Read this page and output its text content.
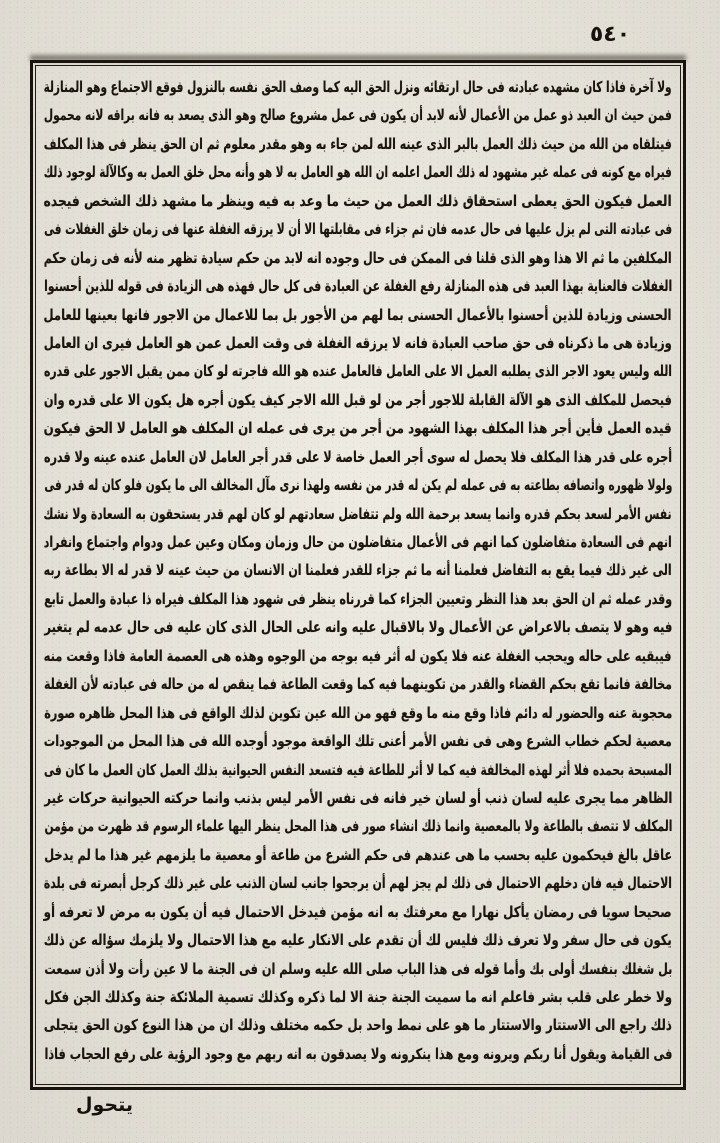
٥٤٠
ولا آخرة فاذا كان مشهده عبادته فى حال ارتقائه ونزل الحق اليه كما وصف الحق نفسه بالنزول فوقع الاجتماع وهو المنازلة
فمن حيث ان العبد ذو عمل من الأعمال لأنه لابد أن يكون فى عمل مشروع صالح وهو الذى يصعد به فانه براقه لانه محمول
فيتلقاه من الله من حيث ذلك العمل بالبر الذى عينه الله لمن جاء به وهو مقدر معلوم ثم ان الحق ينظر فى هذا المكلف
فيراه مع كونه فى عمله غير مشهود له ذلك العمل اعلمه ان الله هو العامل به لا هو وأنه محل خلق العمل به وكالآلة لوجود ذلك
العمل فيكون الحق يعطى استحقاق ذلك العمل من حيث ما وعد به فيه وينظر ما مشهد ذلك الشخص فيجده
فى عبادته التى لم يزل عليها فى حال عدمه فان ثم جزاء فى مقابلتها الا أن لا يرزقه الغفلة عنها فى زمان خلق الغفلات فى
المكلفين ما ثم الا هذا وهو الذى قلنا فى الممكن فى حال وجوده انه لابد من حكم سيادة تظهر منه لأنه فى زمان حكم
الغفلات فالعناية بهذا العبد فى هذه المنازلة رفع الغفلة عن العبادة فى كل حال فهذه هى الزيادة فى قوله للذين أحسنوا
الحسنى وزيادة للذين أحسنوا بالأعمال الحسنى بما لهم من الأجور بل بما للاعمال من الاجور فانها بعينها للعامل
وزيادة هى ما ذكرناه فى حق صاحب العبادة فانه لا يرزقه الغفلة فى وقت العمل عمن هو العامل فيرى ان العامل
الله وليس يعود الاجر الذى يطلبه العمل الا على العامل فالعامل عنده هو الله فاجرته لو كان ممن يقبل الاجور على قدره
فيحصل للمكلف الذى هو الآلة القابلة للاجور أجر من لو قبل الله الاجر كيف يكون أجره هل يكون الا على قدره وان
قيده العمل فأين أجر هذا المكلف بهذا الشهود من أجر من يرى فى عمله ان المكلف هو العامل لا الحق فيكون
أجره على قدر هذا المكلف فلا يحصل له سوى أجر العمل خاصة لا على قدر أجر العامل لان العامل عنده عينه ولا قدره
ولولا ظهوره واتصافه بطاعته به فى عمله لم يكن له قدر من نفسه ولهذا نرى مآل المخالف الى ما يكون فلو كان له قدر فى
نفس الأمر لسعد بحكم قدره وانما يسعد برحمة الله ولم تتفاضل سعادتهم لو كان لهم قدر يستحقون به السعادة ولا نشك
انهم فى السعادة متفاضلون كما انهم فى الأعمال متفاضلون من حال وزمان ومكان وعين عمل ودوام واجتماع وانفراد
الى غير ذلك فيما يقع به التفاضل فعلمنا أنه ما ثم جزاء للقدر فعلمنا ان الانسان من حيث عينه لا قدر له الا بطاعة ربه
وقدر عمله ثم ان الحق بعد هذا النظر وتعيين الجزاء كما قررناه ينظر فى شهود هذا المكلف فيراه ذا عبادة والعمل تابع
فيه وهو لا يتصف بالاعراض عن الأعمال ولا بالاقبال عليه وانه على الحال الذى كان عليه فى حال عدمه لم يتغير
فيبقيه على حاله ويحجب الغفلة عنه فلا يكون له أثر فيه بوجه من الوجوه وهذه هى العصمة العامة فاذا وقعت منه
مخالفة فانما تقع بحكم القضاء والقدر من تكوينهما فيه كما وقعت الطاعة فما ينقص له من حاله فى عبادته لأن الغفلة
محجوبة عنه والحضور له دائم فاذا وقع منه ما وقع فهو من الله عين تكوين لذلك الواقع فى هذا المحل ظاهره صورة
معصية لحكم خطاب الشرع وهى فى نفس الأمر أعنى تلك الواقعة موجود أوجده الله فى هذا المحل من الموجودات
المسبحة بحمده فلا أثر لهذه المخالفة فيه كما لا أثر للطاعة فيه فتسعد النفس الحيوانية بذلك العمل كان العمل ما كان فى
الظاهر مما يجرى عليه لسان ذنب أو لسان خير فانه فى نفس الأمر ليس بذنب وانما حركته الحيوانية حركات غير
المكلف لا تتصف بالطاعة ولا بالمعصية وانما ذلك انشاء صور فى هذا المحل ينظر اليها علماء الرسوم قد ظهرت من مؤمن
عاقل بالغ فيحكمون عليه بحسب ما هى عندهم فى حكم الشرع من طاعة أو معصية ما يلزمهم غير هذا ما لم يدخل
الاحتمال فيه فان دخلهم الاحتمال فى ذلك لم يجز لهم أن يرجحوا جانب لسان الذنب على غير ذلك كرجل أبصرته فى بلدة
صحيحا سويا فى رمضان يأكل نهارا مع معرفتك به انه مؤمن فيدخل الاحتمال فيه أن يكون به مرض لا تعرفه أو
يكون فى حال سفر ولا تعرف ذلك فليس لك أن تقدم على الانكار عليه مع هذا الاحتمال ولا يلزمك سؤاله عن ذلك
بل شغلك بنفسك أولى بك وأما قوله فى هذا الباب صلى الله عليه وسلم ان فى الجنة ما لا عين رأت ولا أذن سمعت
ولا خطر على قلب بشر فاعلم انه ما سميت الجنة جنة الا لما ذكره وكذلك تسمية الملائكة جنة وكذلك الجن فكل
ذلك راجع الى الاستتار والاستتار ما هو على نمط واحد بل حكمه مختلف وذلك ان من هذا النوع كون الحق يتجلى
فى القيامة ويقول أنا ربكم ويرونه ومع هذا ينكرونه ولا يصدقون به انه ربهم مع وجود الرؤية على رفع الحجاب فاذا
يتحول
